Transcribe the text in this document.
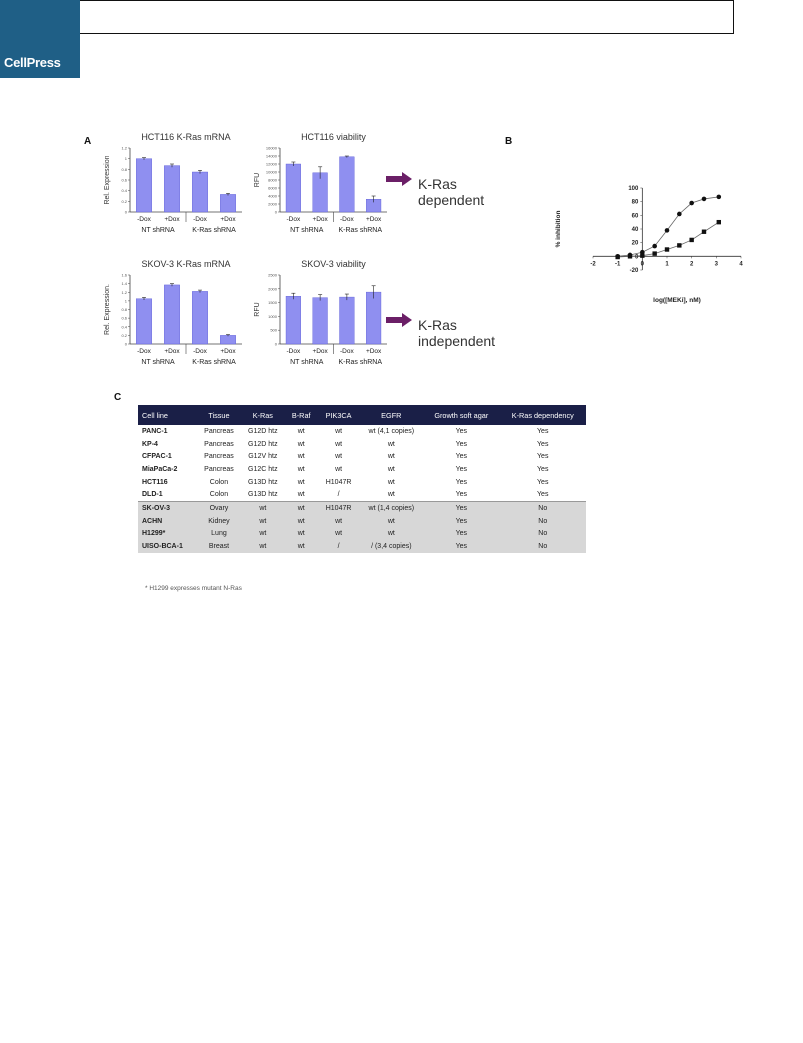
CellPress
A	B
C
HCT116 K-Ras mRNA
Rel. Expression
0
0.2
0.4
0.6
0.8
1
1.2
-Dox +Dox -Dox +Dox
NT shRNA	K-Ras shRNA
HCT116 viability
RFU
0
2000
4000
6000
8000
10000
12000
14000
16000
-Dox +Dox -Dox +Dox
NT shRNA K-Ras shRNA
SKOV-3 K-Ras mRNA
Rel. Expression.
0
0.2
0.4
0.6
0.8
1
1.2
1.4
1.6
-Dox +Dox -Dox +Dox
NT shRNA	K-Ras shRNA
SKOV-3 viability
RFU
0
500
1000
1500
2000
2500
-Dox +Dox -Dox +Dox
NT shRNA K-Ras shRNA
K-Ras
dependent
K-Ras
independent
-20
0
20
40
60
80
100
-2	-1	0	1	2	3	4
% inhibition
log([MEKi], nM)
Cell line	Tissue	K-Ras	B-Raf	PIK3CA	EGFR	Growth soft agar	K-Ras dependency
PANC-1	Pancreas	G12D htz	wt	wt	wt (4,1 copies)	Yes	Yes
KP-4	Pancreas	G12D htz	wt	wt	wt	Yes	Yes
CFPAC-1	Pancreas	G12V htz	wt	wt	wt	Yes	Yes
MiaPaCa-2	Pancreas	G12C htz	wt	wt	wt	Yes	Yes
HCT116	Colon	G13D htz	wt	H1047R	wt	Yes	Yes
DLD-1	Colon	G13D htz	wt	/	wt	Yes	Yes
SK-OV-3	Ovary	wt	wt	H1047R	wt (1,4 copies)	Yes	No
ACHN	Kidney	wt	wt	wt	wt	Yes	No
H1299*	Lung	wt	wt	wt	wt	Yes	No
UISO-BCA-1	Breast	wt	wt	/	/ (3,4 copies)	Yes	No
* H1299 expresses mutant N-Ras
